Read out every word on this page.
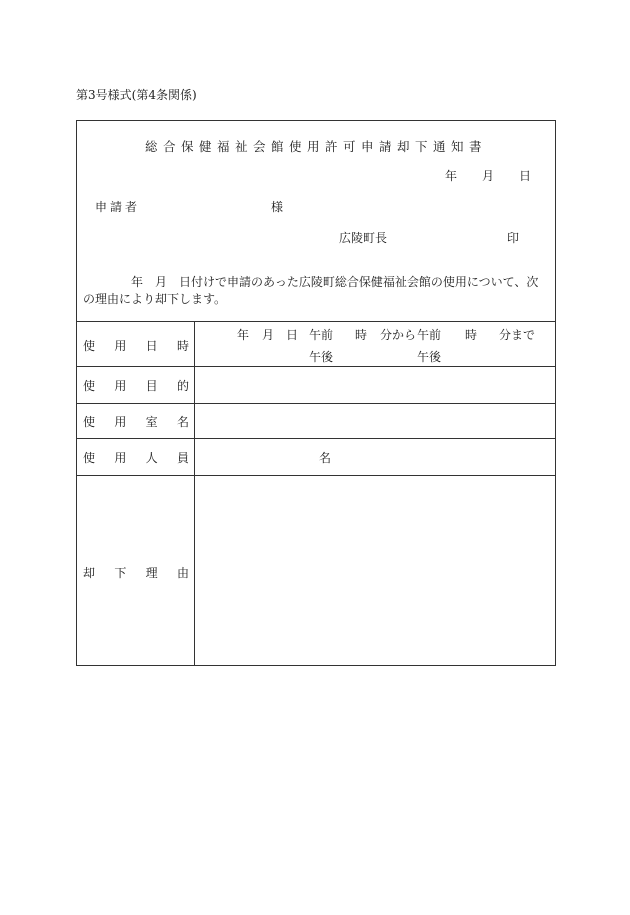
第3号様式(第4条関係)
総合保健福祉会館使用許可申請却下通知書
年 月 日
申請者	様
広陵町長	印
年　月　日付けで申請のあった広陵町総合保健福祉会館の使用について、次の理由により却下します。
使 用 日 時
年 月 日 午前 時 分から 午前 時 分まで
午後	午後
使 用 目 的
使 用 室 名
使 用 人 員	名
却 下 理 由
